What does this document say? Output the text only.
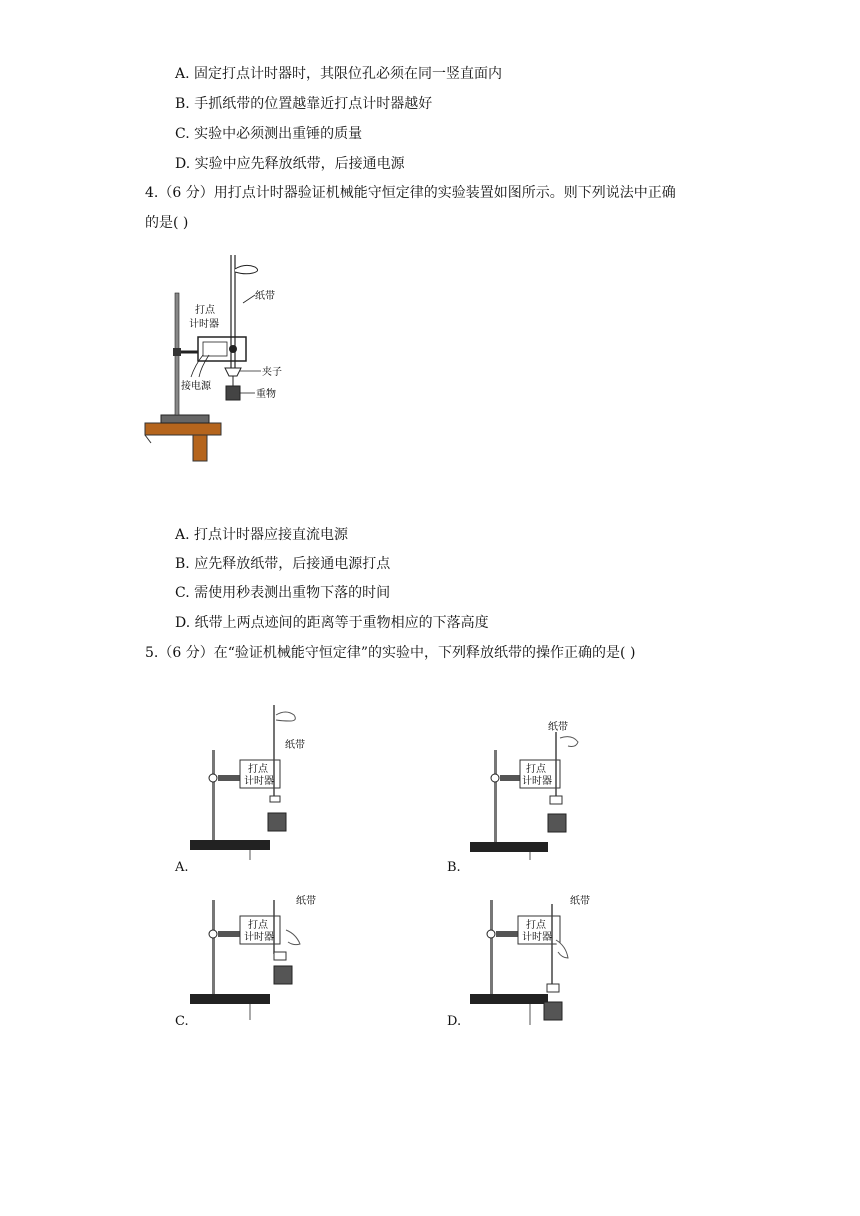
A. 固定打点计时器时，其限位孔必须在同一竖直面内
B. 手抓纸带的位置越靠近打点计时器越好
C. 实验中必须测出重锤的质量
D. 实验中应先释放纸带，后接通电源
4.（6 分）用打点计时器验证机械能守恒定律的实验装置如图所示。则下列说法中正确
的是( )
打点
计时器
纸带
接电源
夹子
重物
A. 打点计时器应接直流电源
B. 应先释放纸带，后接通电源打点
C. 需使用秒表测出重物下落的时间
D. 纸带上两点迹间的距离等于重物相应的下落高度
5.（6 分）在“验证机械能守恒定律”的实验中，下列释放纸带的操作正确的是( )
纸带
打点
计时器
A.
纸带
打点
计时器
B.
纸带
打点
计时器
C.
纸带
打点
计时器
D.
